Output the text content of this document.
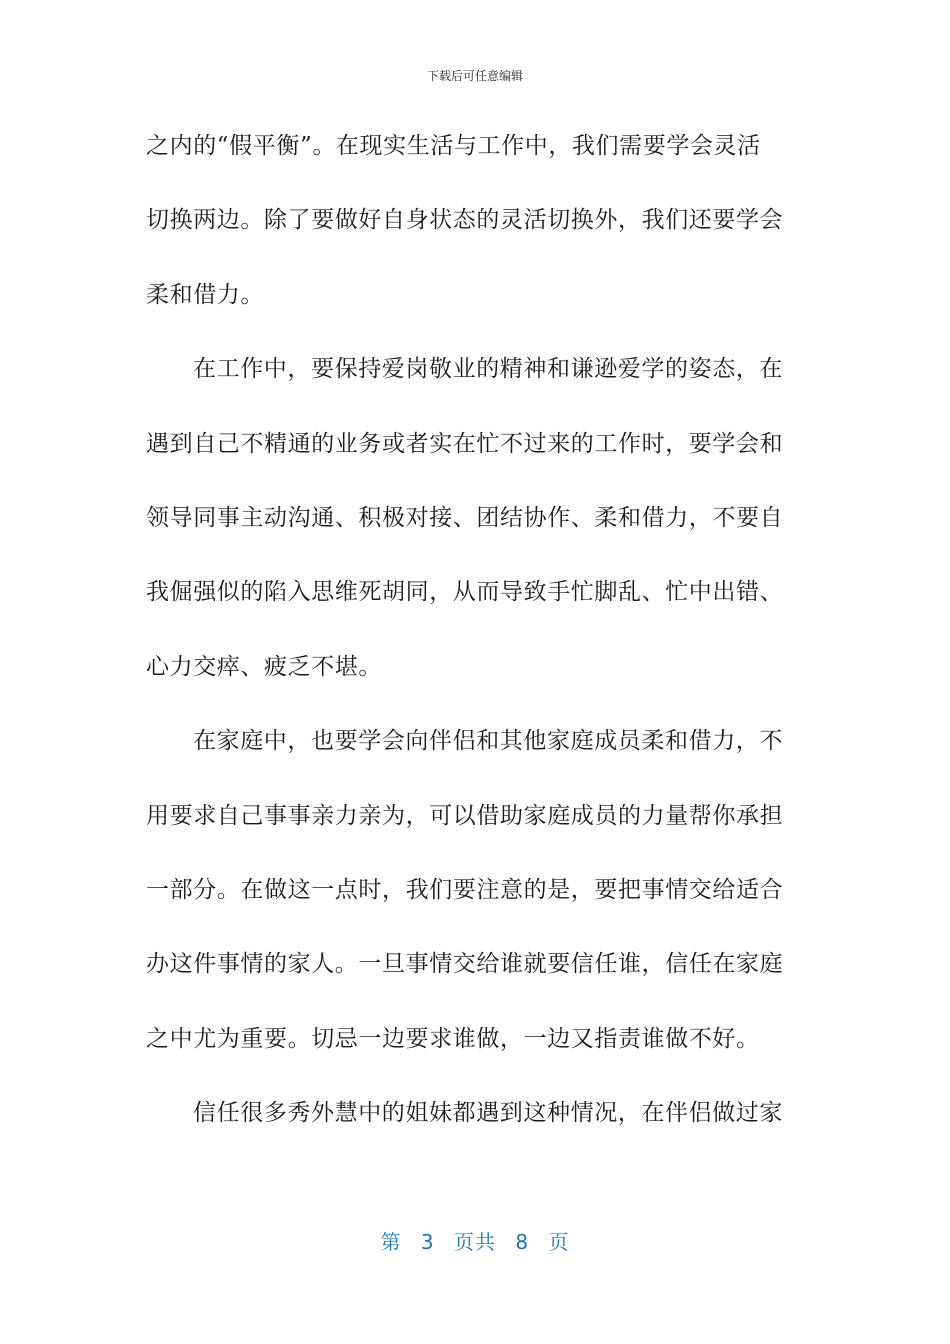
下载后可任意编辑
之内的“假平衡”。在现实生活与工作中，我们需要学会灵活
切换两边。除了要做好自身状态的灵活切换外，我们还要学会
柔和借力。
在工作中，要保持爱岗敬业的精神和谦逊爱学的姿态，在
遇到自己不精通的业务或者实在忙不过来的工作时，要学会和
领导同事主动沟通、积极对接、团结协作、柔和借力，不要自
我倔强似的陷入思维死胡同，从而导致手忙脚乱、忙中出错、
心力交瘁、疲乏不堪。
在家庭中，也要学会向伴侣和其他家庭成员柔和借力，不
用要求自己事事亲力亲为，可以借助家庭成员的力量帮你承担
一部分。在做这一点时，我们要注意的是，要把事情交给适合
办这件事情的家人。一旦事情交给谁就要信任谁，信任在家庭
之中尤为重要。切忌一边要求谁做，一边又指责谁做不好。
信任很多秀外慧中的姐妹都遇到这种情况，在伴侣做过家
第 3 页共 8 页
